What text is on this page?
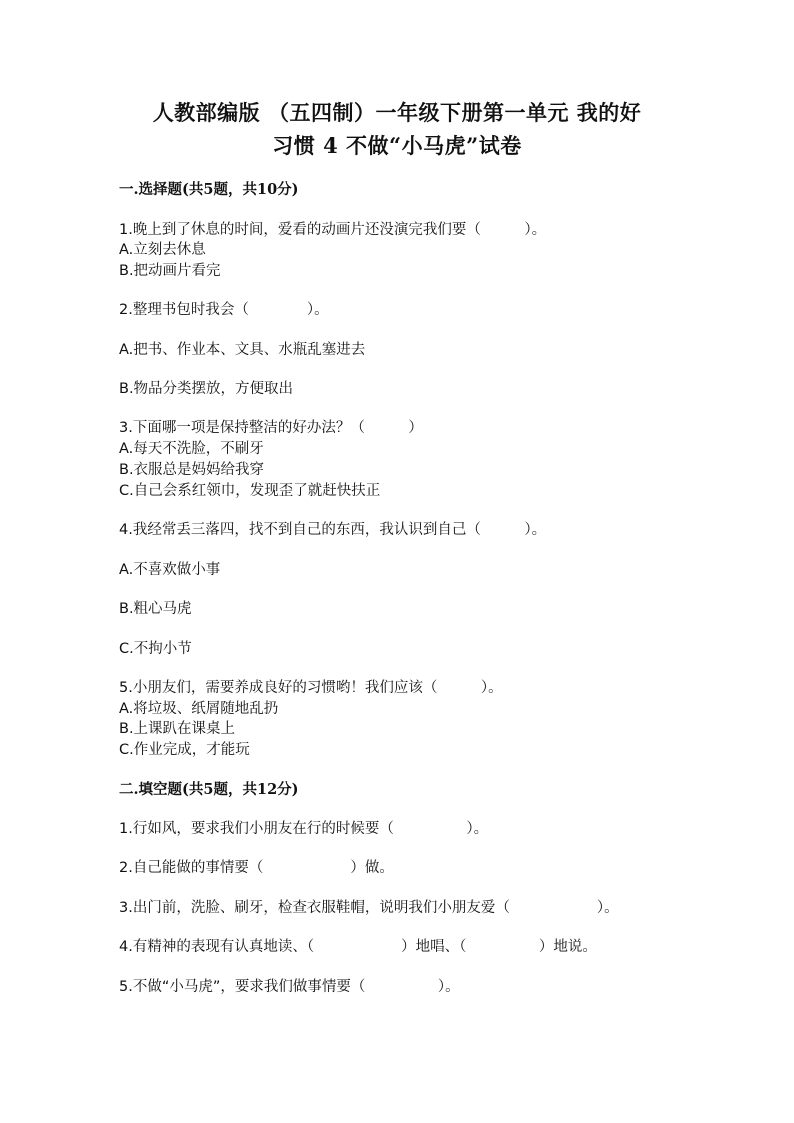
人教部编版 （五四制）一年级下册第一单元 我的好
习惯 4 不做“小马虎”试卷
一.选择题(共5题，共10分)
1.晚上到了休息的时间，爱看的动画片还没演完我们要（　　　）。
A.立刻去休息
B.把动画片看完
2.整理书包时我会（　　　　）。
A.把书、作业本、文具、水瓶乱塞进去
B.物品分类摆放，方便取出
3.下面哪一项是保持整洁的好办法？（　　　）
A.每天不洗脸，不刷牙
B.衣服总是妈妈给我穿
C.自己会系红领巾，发现歪了就赶快扶正
4.我经常丢三落四，找不到自己的东西，我认识到自己（　　　）。
A.不喜欢做小事
B.粗心马虎
C.不拘小节
5.小朋友们，需要养成良好的习惯哟！我们应该（　　　）。
A.将垃圾、纸屑随地乱扔
B.上课趴在课桌上
C.作业完成，才能玩
二.填空题(共5题，共12分)
1.行如风，要求我们小朋友在行的时候要（　　　　　）。
2.自己能做的事情要（　　　　　　）做。
3.出门前，洗脸、刷牙，检查衣服鞋帽，说明我们小朋友爱（　　　　　　）。
4.有精神的表现有认真地读、（　　　　　　）地唱、（　　　　　）地说。
5.不做“小马虎”，要求我们做事情要（　　　　　）。
